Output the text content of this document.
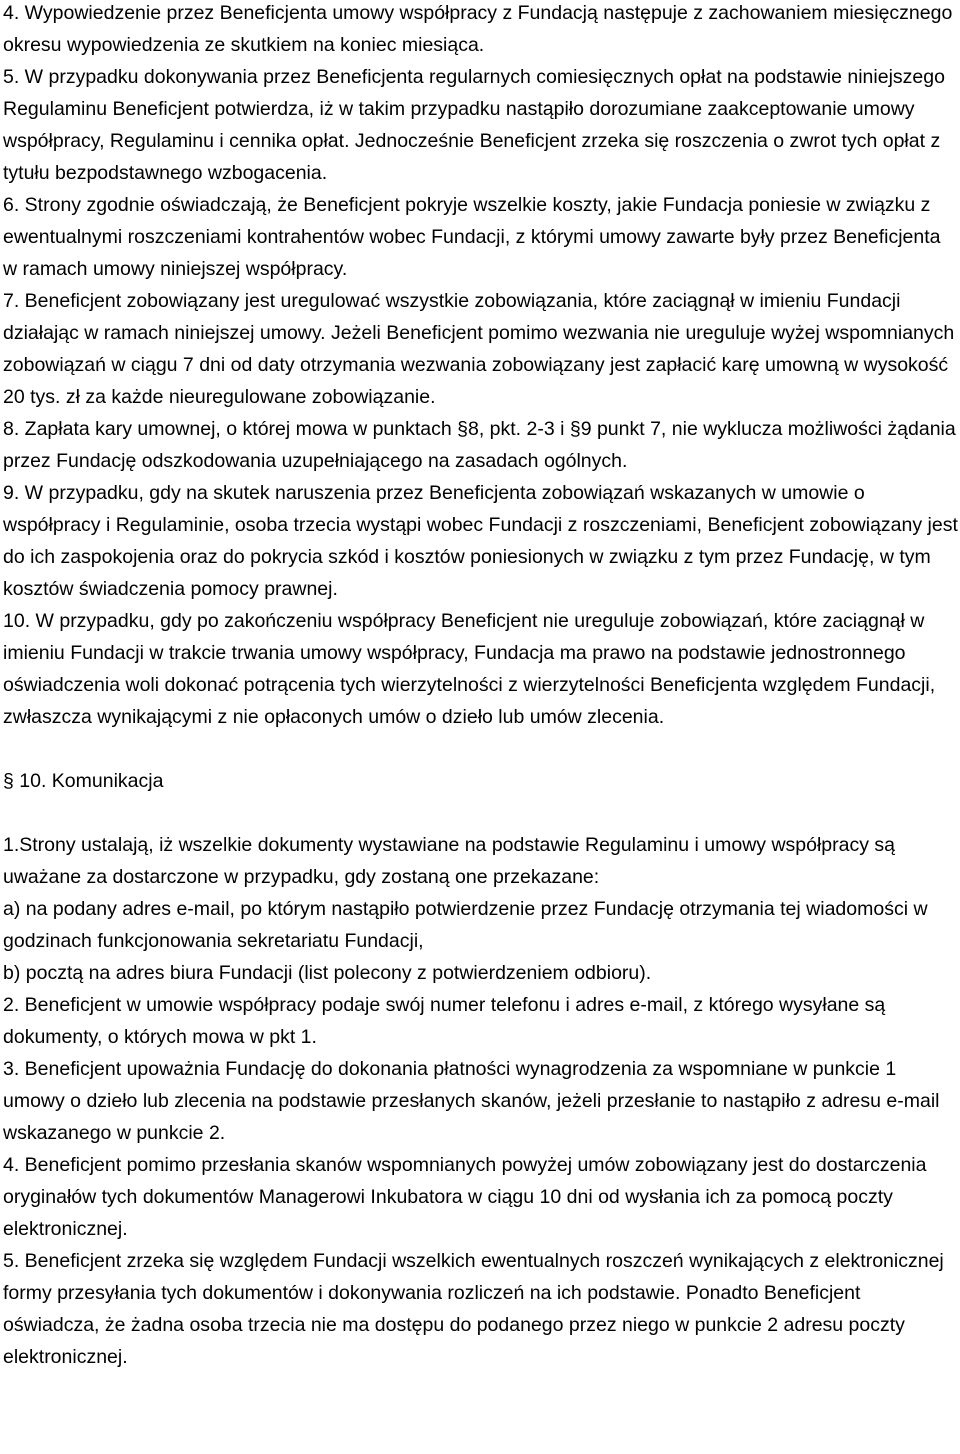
4. Wypowiedzenie przez Beneficjenta umowy współpracy z Fundacją następuje z zachowaniem miesięcznego okresu wypowiedzenia ze skutkiem na koniec miesiąca.

5. W przypadku dokonywania przez Beneficjenta regularnych comiesięcznych opłat na podstawie niniejszego Regulaminu Beneficjent potwierdza, iż w takim przypadku nastąpiło dorozumiane zaakceptowanie umowy współpracy, Regulaminu i cennika opłat. Jednocześnie Beneficjent zrzeka się roszczenia o zwrot tych opłat z tytułu bezpodstawnego wzbogacenia.

6. Strony zgodnie oświadczają, że Beneficjent pokryje wszelkie koszty, jakie Fundacja poniesie w związku z ewentualnymi roszczeniami kontrahentów wobec Fundacji, z którymi umowy zawarte były przez Beneficjenta w ramach umowy niniejszej współpracy.

7. Beneficjent zobowiązany jest uregulować wszystkie zobowiązania, które zaciągnął w imieniu Fundacji działając w ramach niniejszej umowy. Jeżeli Beneficjent pomimo wezwania nie ureguluje wyżej wspomnianych zobowiązań w ciągu 7 dni od daty otrzymania wezwania zobowiązany jest zapłacić karę umowną w wysokość 20 tys. zł za każde nieuregulowane zobowiązanie.

8. Zapłata kary umownej, o której mowa w punktach §8, pkt. 2-3 i §9 punkt 7, nie wyklucza możliwości żądania przez Fundację odszkodowania uzupełniającego na zasadach ogólnych.

9. W przypadku, gdy na skutek naruszenia przez Beneficjenta zobowiązań wskazanych w umowie o współpracy i Regulaminie, osoba trzecia wystąpi wobec Fundacji z roszczeniami, Beneficjent zobowiązany jest do ich zaspokojenia oraz do pokrycia szkód i kosztów poniesionych w związku z tym przez Fundację, w tym kosztów świadczenia pomocy prawnej.

10. W przypadku, gdy po zakończeniu współpracy Beneficjent nie ureguluje zobowiązań, które zaciągnął w imieniu Fundacji w trakcie trwania umowy współpracy, Fundacja ma prawo na podstawie jednostronnego oświadczenia woli dokonać potrącenia tych wierzytelności z wierzytelności Beneficjenta względem Fundacji, zwłaszcza wynikającymi z nie opłaconych umów o dzieło lub umów zlecenia.

§ 10. Komunikacja

1.Strony ustalają, iż wszelkie dokumenty wystawiane na podstawie Regulaminu i umowy współpracy są uważane za dostarczone w przypadku, gdy zostaną one przekazane:

a) na podany adres e-mail, po którym nastąpiło potwierdzenie przez Fundację otrzymania tej wiadomości w godzinach funkcjonowania sekretariatu Fundacji,

b) pocztą na adres biura Fundacji (list polecony z potwierdzeniem odbioru).

2. Beneficjent w umowie współpracy podaje swój numer telefonu i adres e-mail, z którego wysyłane są dokumenty, o których mowa w pkt 1.

3. Beneficjent upoważnia Fundację do dokonania płatności wynagrodzenia za wspomniane w punkcie 1 umowy o dzieło lub zlecenia na podstawie przesłanych skanów, jeżeli przesłanie to nastąpiło z adresu e-mail wskazanego w punkcie 2.

4. Beneficjent pomimo przesłania skanów wspomnianych powyżej umów zobowiązany jest do dostarczenia oryginałów tych dokumentów Managerowi Inkubatora w ciągu 10 dni od wysłania ich za pomocą poczty elektronicznej.

5. Beneficjent zrzeka się względem Fundacji wszelkich ewentualnych roszczeń wynikających z elektronicznej formy przesyłania tych dokumentów i dokonywania rozliczeń na ich podstawie. Ponadto Beneficjent oświadcza, że żadna osoba trzecia nie ma dostępu do podanego przez niego w punkcie 2 adresu poczty elektronicznej.
